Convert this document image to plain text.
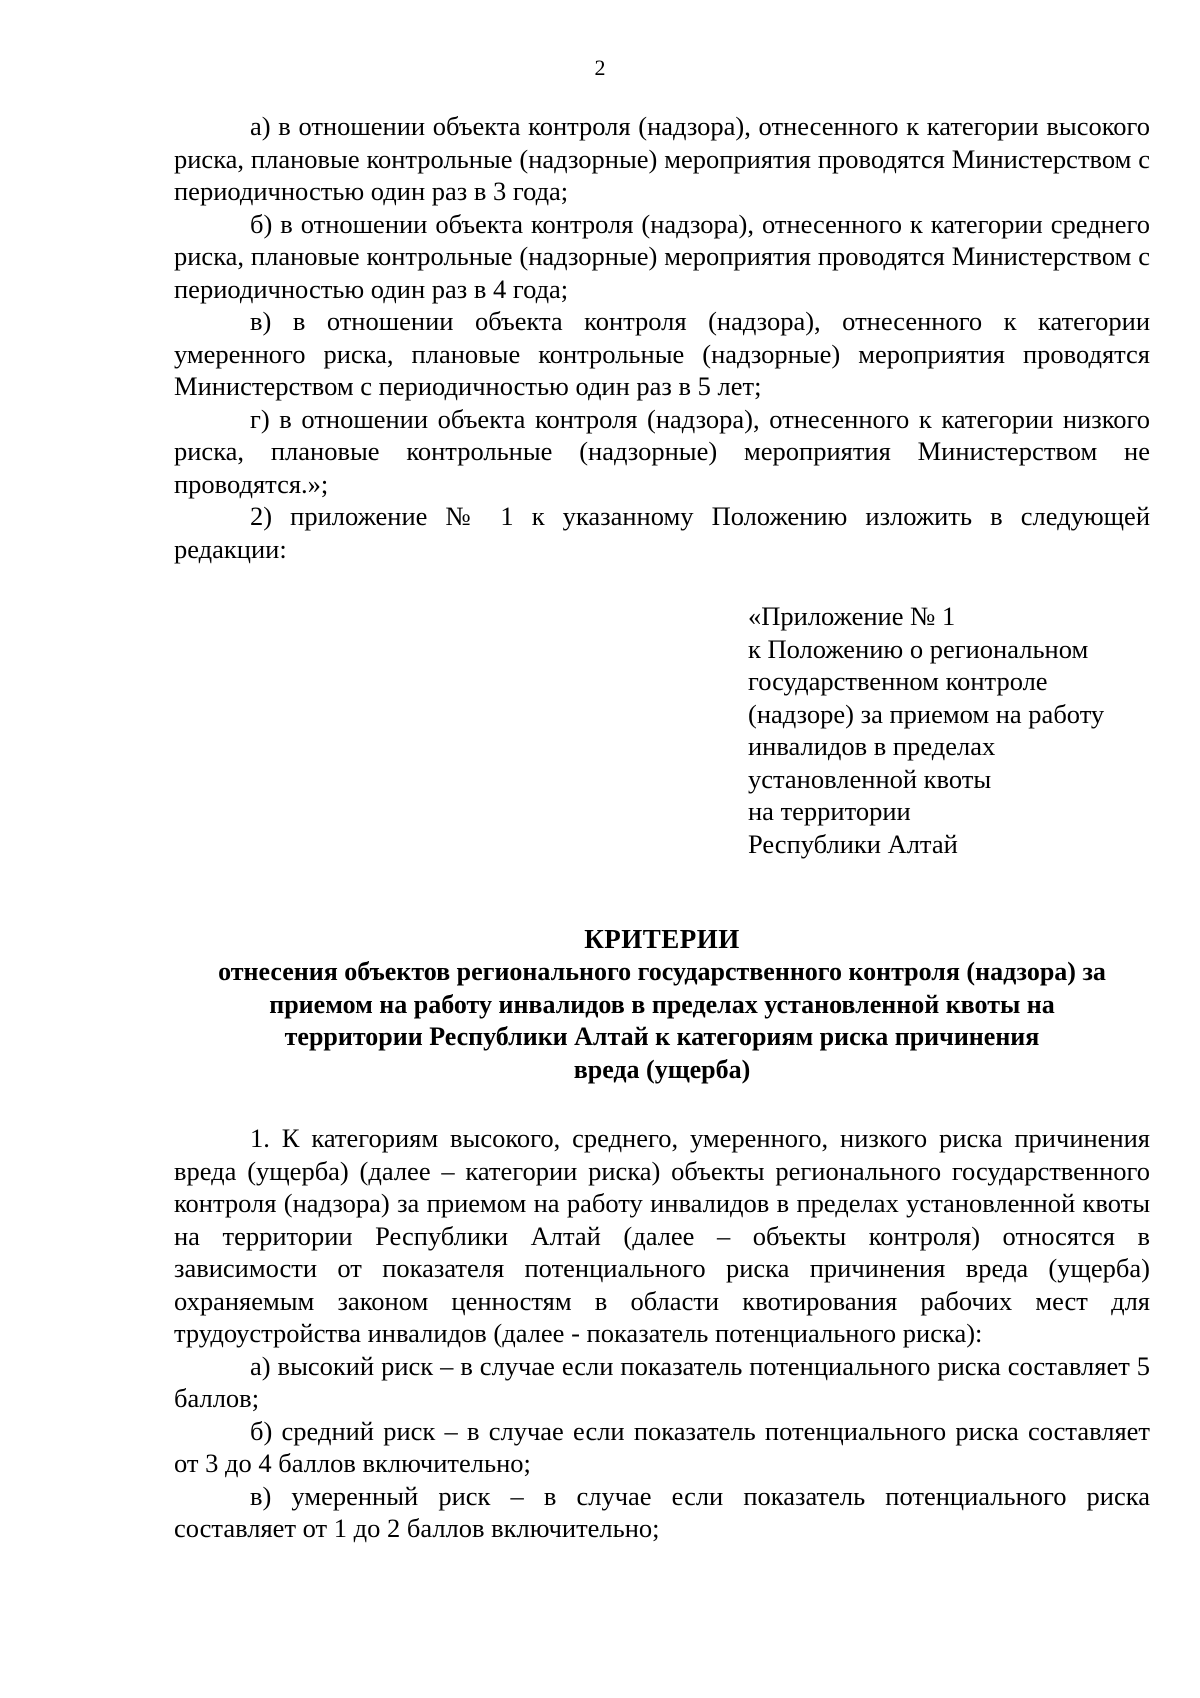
2

а) в отношении объекта контроля (надзора), отнесенного к категории высокого риска, плановые контрольные (надзорные) мероприятия проводятся Министерством с периодичностью один раз в 3 года;

б) в отношении объекта контроля (надзора), отнесенного к категории среднего риска, плановые контрольные (надзорные) мероприятия проводятся Министерством с периодичностью один раз в 4 года;

в) в отношении объекта контроля (надзора), отнесенного к категории умеренного риска, плановые контрольные (надзорные) мероприятия проводятся Министерством с периодичностью один раз в 5 лет;

г) в отношении объекта контроля (надзора), отнесенного к категории низкого риска, плановые контрольные (надзорные) мероприятия Министерством не проводятся.»;

2) приложение № 1 к указанному Положению изложить в следующей редакции:

«Приложение № 1
к Положению о региональном
государственном контроле
(надзоре) за приемом на работу
инвалидов в пределах
установленной квоты
на территории
Республики Алтай
КРИТЕРИИ
отнесения объектов регионального государственного контроля (надзора) за
приемом на работу инвалидов в пределах установленной квоты на
территории Республики Алтай к категориям риска причинения
вреда (ущерба)

1. К категориям высокого, среднего, умеренного, низкого риска причинения вреда (ущерба) (далее – категории риска) объекты регионального государственного контроля (надзора) за приемом на работу инвалидов в пределах установленной квоты на территории Республики Алтай (далее – объекты контроля) относятся в зависимости от показателя потенциального риска причинения вреда (ущерба) охраняемым законом ценностям в области квотирования рабочих мест для трудоустройства инвалидов (далее - показатель потенциального риска):

а) высокий риск – в случае если показатель потенциального риска составляет 5 баллов;

б) средний риск – в случае если показатель потенциального риска составляет от 3 до 4 баллов включительно;

в) умеренный риск – в случае если показатель потенциального риска составляет от 1 до 2 баллов включительно;
